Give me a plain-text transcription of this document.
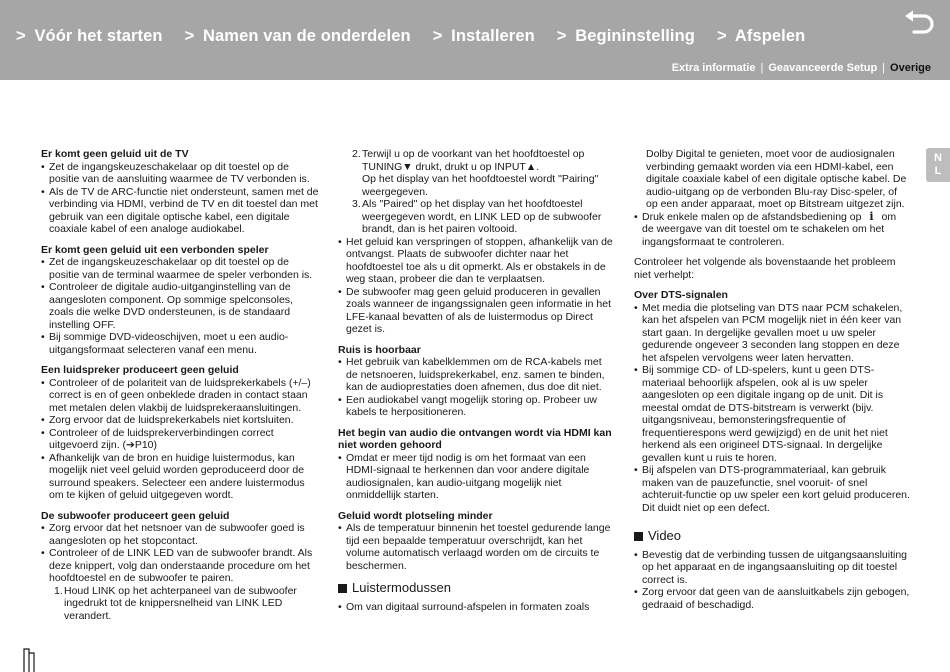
> Vóór het starten > Namen van de onderdelen > Installeren > Begininstelling > Afspelen
Extra informatie | Geavanceerde Setup | Overige
N
L
Er komt geen geluid uit de TV
• Zet de ingangskeuzeschakelaar op dit toestel op de positie van de aansluiting waarmee de TV verbonden is.
• Als de TV de ARC-functie niet ondersteunt, samen met de verbinding via HDMI, verbind de TV en dit toestel dan met gebruik van een digitale optische kabel, een digitale coaxiale kabel of een analoge audiokabel.
Er komt geen geluid uit een verbonden speler
• Zet de ingangskeuzeschakelaar op dit toestel op de positie van de terminal waarmee de speler verbonden is.
• Controleer de digitale audio-uitganginstelling van de aangesloten component. Op sommige spelconsoles, zoals die welke DVD ondersteunen, is de standaard instelling OFF.
• Bij sommige DVD-videoschijven, moet u een audio-uitgangsformaat selecteren vanaf een menu.
Een luidspreker produceert geen geluid
• Controleer of de polariteit van de luidsprekerkabels (+/–) correct is en of geen onbeklede draden in contact staan met metalen delen vlakbij de luidsprekeraansluitingen.
• Zorg ervoor dat de luidsprekerkabels niet kortsluiten.
• Controleer of de luidsprekerverbindingen correct uitgevoerd zijn. (➔P10)
• Afhankelijk van de bron en huidige luistermodus, kan mogelijk niet veel geluid worden geproduceerd door de surround speakers. Selecteer een andere luistermodus om te kijken of geluid uitgegeven wordt.
De subwoofer produceert geen geluid
• Zorg ervoor dat het netsnoer van de subwoofer goed is aangesloten op het stopcontact.
• Controleer of de LINK LED van de subwoofer brandt. Als deze knippert, volg dan onderstaande procedure om het hoofdtoestel en de subwoofer te pairen.
1. Houd LINK op het achterpaneel van de subwoofer ingedrukt tot de knippersnelheid van LINK LED verandert.
2. Terwijl u op de voorkant van het hoofdtoestel op TUNING▼ drukt, drukt u op INPUT▲.
Op het display van het hoofdtoestel wordt "Pairing" weergegeven.
3. Als "Paired" op het display van het hoofdtoestel weergegeven wordt, en LINK LED op de subwoofer brandt, dan is het pairen voltooid.
• Het geluid kan verspringen of stoppen, afhankelijk van de ontvangst. Plaats de subwoofer dichter naar het hoofdtoestel toe als u dit opmerkt. Als er obstakels in de weg staan, probeer die dan te verplaatsen.
• De subwoofer mag geen geluid produceren in gevallen zoals wanneer de ingangssignalen geen informatie in het LFE-kanaal bevatten of als de luistermodus op Direct gezet is.
Ruis is hoorbaar
• Het gebruik van kabelklemmen om de RCA-kabels met de netsnoeren, luidsprekerkabel, enz. samen te binden, kan de audioprestaties doen afnemen, dus doe dit niet.
• Een audiokabel vangt mogelijk storing op. Probeer uw kabels te herpositioneren.
Het begin van audio die ontvangen wordt via HDMI kan niet worden gehoord
• Omdat er meer tijd nodig is om het formaat van een HDMI-signaal te herkennen dan voor andere digitale audiosignalen, kan audio-uitgang mogelijk niet onmiddellijk starten.
Geluid wordt plotseling minder
• Als de temperatuur binnenin het toestel gedurende lange tijd een bepaalde temperatuur overschrijdt, kan het volume automatisch verlaagd worden om de circuits te beschermen.
Luistermodussen
• Om van digitaal surround-afspelen in formaten zoals
Dolby Digital te genieten, moet voor de audiosignalen verbinding gemaakt worden via een HDMI-kabel, een digitale coaxiale kabel of een digitale optische kabel. De audio-uitgang op de verbonden Blu-ray Disc-speler, of op een ander apparaat, moet op Bitstream uitgezet zijn.
• Druk enkele malen op de afstandsbediening op i om de weergave van dit toestel om te schakelen om het ingangsformaat te controleren.

Controleer het volgende als bovenstaande het probleem niet verhelpt:

Over DTS-signalen
• Met media die plotseling van DTS naar PCM schakelen, kan het afspelen van PCM mogelijk niet in één keer van start gaan. In dergelijke gevallen moet u uw speler gedurende ongeveer 3 seconden lang stoppen en deze het afspelen vervolgens weer laten hervatten.
• Bij sommige CD- of LD-spelers, kunt u geen DTS-materiaal behoorlijk afspelen, ook al is uw speler aangesloten op een digitale ingang op de unit. Dit is meestal omdat de DTS-bitstream is verwerkt (bijv. uitgangsniveau, bemonsteringsfrequentie of frequentierespons werd gewijzigd) en de unit het niet herkend als een origineel DTS-signaal. In dergelijke gevallen kunt u ruis te horen.
• Bij afspelen van DTS-programmateriaal, kan gebruik maken van de pauzefunctie, snel vooruit- of snel achteruit-functie op uw speler een kort geluid produceren. Dit duidt niet op een defect.
Video
• Bevestig dat de verbinding tussen de uitgangsaansluiting op het apparaat en de ingangsaansluiting op dit toestel correct is.
• Zorg ervoor dat geen van de aansluitkabels zijn gebogen, gedraaid of beschadigd.
